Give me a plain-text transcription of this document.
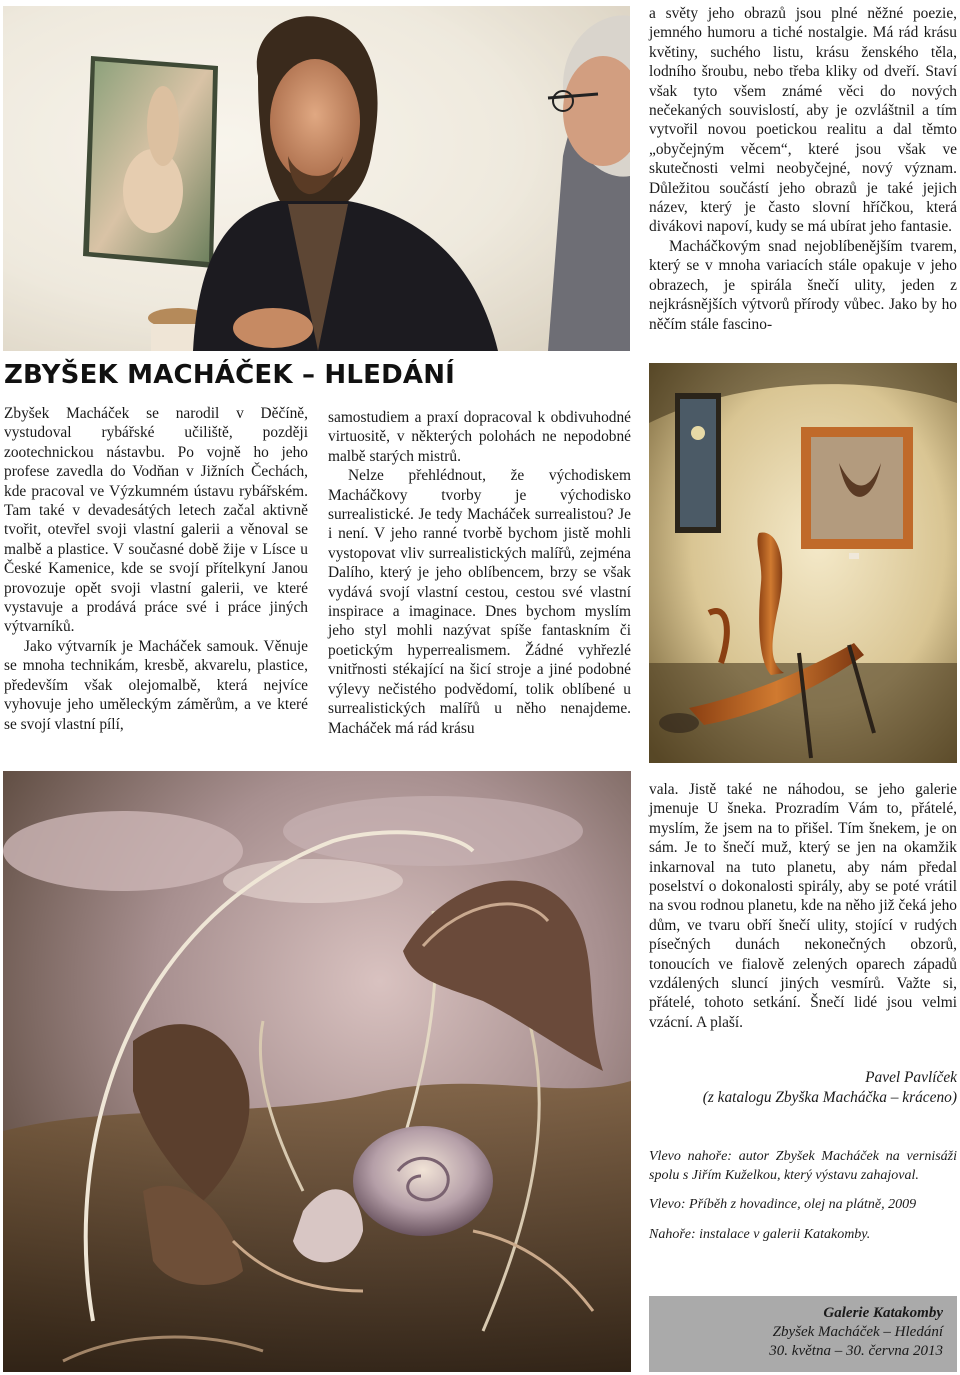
ZBYŠEK MACHÁČEK – HLEDÁNÍ

Zbyšek Macháček se narodil v Děčíně, vystudoval rybářské učiliště, později zootechnickou nástavbu. Po vojně ho jeho profese zavedla do Vodňan v Jižních Čechách, kde pracoval ve Výzkumném ústavu rybářském. Tam také v devadesátých letech začal aktivně tvořit, otevřel svoji vlastní galerii a věnoval se malbě a plastice. V současné době žije v Lísce u České Kamenice, kde se svojí přítelkyní Janou provozuje opět svoji vlastní galerii, ve které vystavuje a prodává práce své i práce jiných výtvarníků.

Jako výtvarník je Macháček samouk. Věnuje se mnoha technikám, kresbě, akvarelu, plastice, především však olejomalbě, která nejvíce vyhovuje jeho uměleckým záměrům, a ve které se svojí vlastní pílí,

samostudiem a praxí dopracoval k obdivuhodné virtuositě, v některých polohách ne nepodobné malbě starých mistrů.

Nelze přehlédnout, že východiskem Macháčkovy tvorby je východisko surrealistické. Je tedy Macháček surrealistou? Je i není. V jeho ranné tvorbě bychom jistě mohli vystopovat vliv surrealistických malířů, zejména Dalího, který je jeho oblíbencem, brzy se však vydává svojí vlastní cestou, cestou své vlastní inspirace a imaginace. Dnes bychom myslím jeho styl mohli nazývat spíše fantaskním či poetickým hyperrealismem. Žádné vyhřezlé vnitřnosti stékající na šicí stroje a jiné podobné výlevy nečistého podvědomí, tolik oblíbené u surrealistických malířů u něho nenajdeme. Macháček má rád krásu

a světy jeho obrazů jsou plné něžné poezie, jemného humoru a tiché nostalgie. Má rád krásu květiny, suchého listu, krásu ženského těla, lodního šroubu, nebo třeba kliky od dveří. Staví však tyto všem známé věci do nových nečekaných souvislostí, aby je ozvláštnil a tím vytvořil novou poetickou realitu a dal těmto „obyčejným věcem“, které jsou však ve skutečnosti velmi neobyčejné, nový význam. Důležitou součástí jeho obrazů je také jejich název, který je často slovní hříčkou, která divákovi napoví, kudy se má ubírat jeho fantasie.

Macháčkovým snad nejoblíbenějším tvarem, který se v mnoha variacích stále opakuje v jeho obrazech, je spirála šnečí ulity, jeden z nejkrásnějších výtvorů přírody vůbec. Jako by ho něčím stále fascino-

vala. Jistě také ne náhodou, se jeho galerie jmenuje U šneka. Prozradím Vám to, přátelé, myslím, že jsem na to přišel. Tím šnekem, je on sám. Je to šnečí muž, který se jen na okamžik inkarnoval na tuto planetu, aby nám předal poselství o dokonalosti spirály, aby se poté vrátil na svou rodnou planetu, kde na něho již čeká jeho dům, ve tvaru obří šnečí ulity, stojící v rudých písečných dunách nekonečných obzorů, tonoucích ve fialově zelených oparech západů vzdálených sluncí jiných vesmírů. Važte si, přátelé, tohoto setkání. Šnečí lidé jsou velmi vzácní. A plaší.

Pavel Pavlíček
(z katalogu Zbyška Macháčka – kráceno)

Vlevo nahoře: autor Zbyšek Macháček na vernisáži spolu s Jiřím Kuželkou, který výstavu zahajoval.

Vlevo: Příběh z hovadince, olej na plátně, 2009

Nahoře: instalace v galerii Katakomby.

Galerie Katakomby
Zbyšek Macháček – Hledání
30. května – 30. června 2013
